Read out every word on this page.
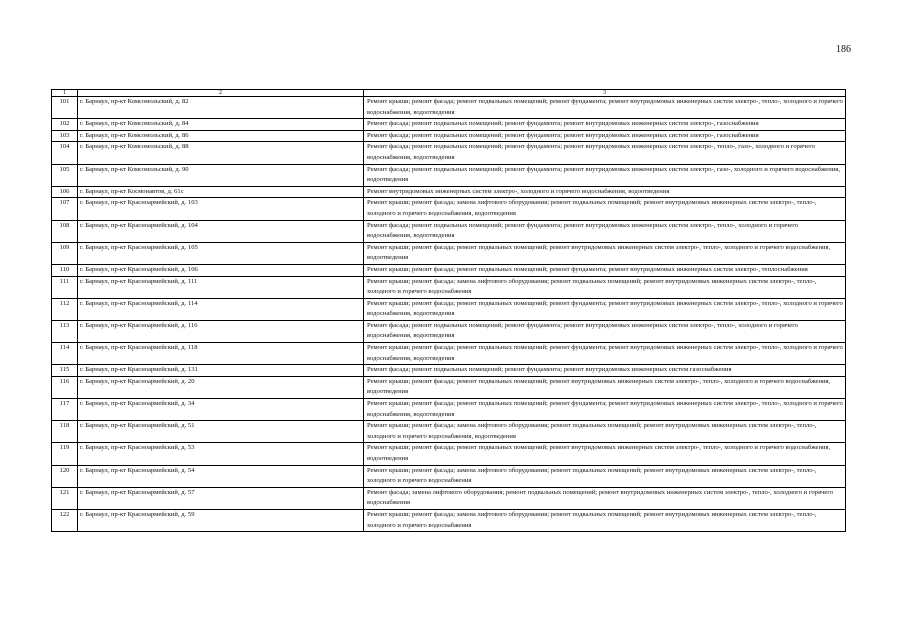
186
1	2	3
101	г. Барнаул, пр-кт Комсомольский, д. 82	Ремонт крыши; ремонт фасада; ремонт подвальных помещений; ремонт фундамента; ремонт внутридомовых инженерных систем электро-, тепло-, холодного и горячего водоснабжения, водоотведения
102	г. Барнаул, пр-кт Комсомольский, д. 84	Ремонт фасада; ремонт подвальных помещений; ремонт фундамента; ремонт внутридомовых инженерных систем электро-, газоснабжения
103	г. Барнаул, пр-кт Комсомольский, д. 86	Ремонт фасада; ремонт подвальных помещений; ремонт фундамента; ремонт внутридомовых инженерных систем электро-, газоснабжения
104	г. Барнаул, пр-кт Комсомольский, д. 88	Ремонт фасада; ремонт подвальных помещений; ремонт фундамента; ремонт внутридомовых инженерных систем электро-, тепло-, газо-, холодного и горячего водоснабжения, водоотведения
105	г. Барнаул, пр-кт Комсомольский, д. 90	Ремонт фасада; ремонт подвальных помещений; ремонт фундамента; ремонт внутридомовых инженерных систем электро-, газо-, холодного и горячего водоснабжения, водоотведения
106	г. Барнаул, пр-кт Космонавтов, д. 61с	Ремонт внутридомовых инженерных систем электро-, холодного и горячего водоснабжения, водоотведения
107	г. Барнаул, пр-кт Красноармейский, д. 103	Ремонт крыши; ремонт фасада; замена лифтового оборудования; ремонт подвальных помещений; ремонт внутридомовых инженерных систем электро-, тепло-, холодного и горячего водоснабжения, водоотведения
108	г. Барнаул, пр-кт Красноармейский, д. 104	Ремонт фасада; ремонт подвальных помещений; ремонт фундамента; ремонт внутридомовых инженерных систем электро-, тепло-, холодного и горячего водоснабжения, водоотведения
109	г. Барнаул, пр-кт Красноармейский, д. 105	Ремонт крыши; ремонт фасада; ремонт подвальных помещений; ремонт внутридомовых инженерных систем электро-, тепло-, холодного и горячего водоснабжения, водоотведения
110	г. Барнаул, пр-кт Красноармейский, д. 106	Ремонт крыши; ремонт фасада; ремонт подвальных помещений; ремонт фундамента; ремонт внутридомовых инженерных систем электро-, теплоснабжения
111	г. Барнаул, пр-кт Красноармейский, д. 111	Ремонт крыши; ремонт фасада; замена лифтового оборудования; ремонт подвальных помещений; ремонт внутридомовых инженерных систем электро-, тепло-, холодного и горячего водоснабжения
112	г. Барнаул, пр-кт Красноармейский, д. 114	Ремонт крыши; ремонт фасада; ремонт подвальных помещений; ремонт фундамента; ремонт внутридомовых инженерных систем электро-, тепло-, холодного и горячего водоснабжения, водоотведения
113	г. Барнаул, пр-кт Красноармейский, д. 116	Ремонт фасада; ремонт подвальных помещений; ремонт фундамента; ремонт внутридомовых инженерных систем электро-, тепло-, холодного и горячего водоснабжения, водоотведения
114	г. Барнаул, пр-кт Красноармейский, д. 118	Ремонт крыши; ремонт фасада; ремонт подвальных помещений; ремонт фундамента; ремонт внутридомовых инженерных систем электро-, тепло-, холодного и горячего водоснабжения, водоотведения
115	г. Барнаул, пр-кт Красноармейский, д. 131	Ремонт фасада; ремонт подвальных помещений; ремонт фундамента; ремонт внутридомовых инженерных систем газоснабжения
116	г. Барнаул, пр-кт Красноармейский, д. 20	Ремонт крыши; ремонт фасада; ремонт подвальных помещений; ремонт внутридомовых инженерных систем электро-, тепло-, холодного и горячего водоснабжения, водоотведения
117	г. Барнаул, пр-кт Красноармейский, д. 34	Ремонт крыши; ремонт фасада; ремонт подвальных помещений; ремонт фундамента; ремонт внутридомовых инженерных систем электро-, тепло-, холодного и горячего водоснабжения, водоотведения
118	г. Барнаул, пр-кт Красноармейский, д. 51	Ремонт крыши; ремонт фасада; замена лифтового оборудования; ремонт подвальных помещений; ремонт внутридомовых инженерных систем электро-, тепло-, холодного и горячего водоснабжения, водоотведения
119	г. Барнаул, пр-кт Красноармейский, д. 53	Ремонт крыши; ремонт фасада; ремонт подвальных помещений; ремонт внутридомовых инженерных систем электро-, тепло-, холодного и горячего водоснабжения, водоотведения
120	г. Барнаул, пр-кт Красноармейский, д. 54	Ремонт крыши; ремонт фасада; замена лифтового оборудования; ремонт подвальных помещений; ремонт внутридомовых инженерных систем электро-, тепло-, холодного и горячего водоснабжения
121	г. Барнаул, пр-кт Красноармейский, д. 57	Ремонт фасада; замена лифтового оборудования; ремонт подвальных помещений; ремонт внутридомовых инженерных систем электро-, тепло-, холодного и горячего водоснабжения
122	г. Барнаул, пр-кт Красноармейский, д. 59	Ремонт крыши; ремонт фасада; замена лифтового оборудования; ремонт подвальных помещений; ремонт внутридомовых инженерных систем электро-, тепло-, холодного и горячего водоснабжения
